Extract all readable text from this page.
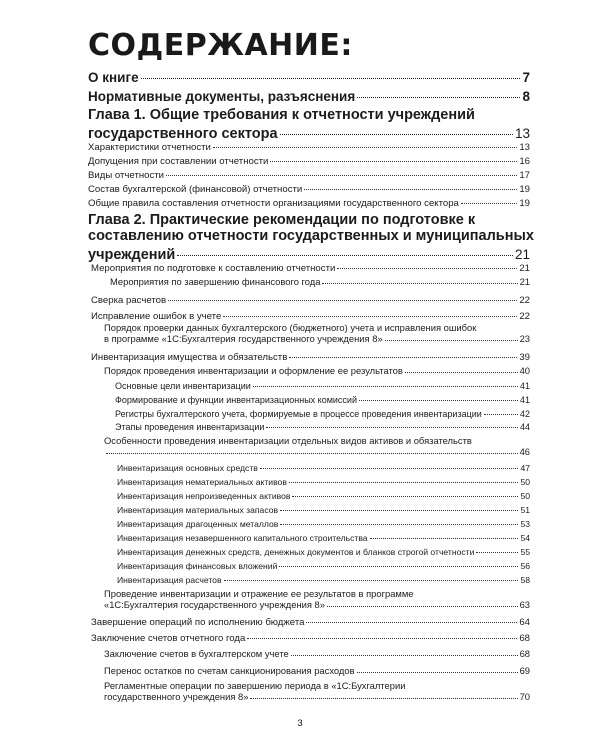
СОДЕРЖАНИЕ:
О книге	7
Нормативные документы, разъяснения	8
Глава 1. Общие требования к отчетности учреждений
государственного сектора	13
Характеристики отчетности	13
Допущения при составлении отчетности	16
Виды отчетности	17
Состав бухгалтерской (финансовой) отчетности	19
Общие правила составления отчетности организациями государственного сектора	19
Глава 2. Практические рекомендации по подготовке к
составлению отчетности государственных и муниципальных
учреждений	21
Мероприятия по подготовке к составлению отчетности	21
Мероприятия по завершению финансового года	21
Сверка расчетов	22
Исправление ошибок в учете	22
Порядок проверки данных бухгалтерского (бюджетного) учета и исправления ошибок
в программе «1С:Бухгалтерия государственного учреждения 8»	23
Инвентаризация имущества и обязательств	39
Порядок проведения инвентаризации и оформление ее результатов	40
Основные цели инвентаризации	41
Формирование и функции инвентаризационных комиссий	41
Регистры бухгалтерского учета, формируемые в процессе проведения инвентаризации	42
Этапы проведения инвентаризации	44
Особенности проведения инвентаризации отдельных видов активов и обязательств
46
Инвентаризация основных средств	47
Инвентаризация нематериальных активов	50
Инвентаризация непроизведенных активов	50
Инвентаризация материальных запасов	51
Инвентаризация драгоценных металлов	53
Инвентаризация незавершенного капитального строительства	54
Инвентаризация денежных средств, денежных документов и бланков строгой отчетности	55
Инвентаризация финансовых вложений	56
Инвентаризация расчетов	58
Проведение инвентаризации и отражение ее результатов в программе
«1С:Бухгалтерия государственного учреждения 8»	63
Завершение операций по исполнению бюджета	64
Заключение счетов отчетного года	68
Заключение счетов в бухгалтерском учете	68
Перенос остатков по счетам санкционирования расходов	69
Регламентные операции по завершению периода в «1С:Бухгалтерии
государственного учреждения 8»	70
3
